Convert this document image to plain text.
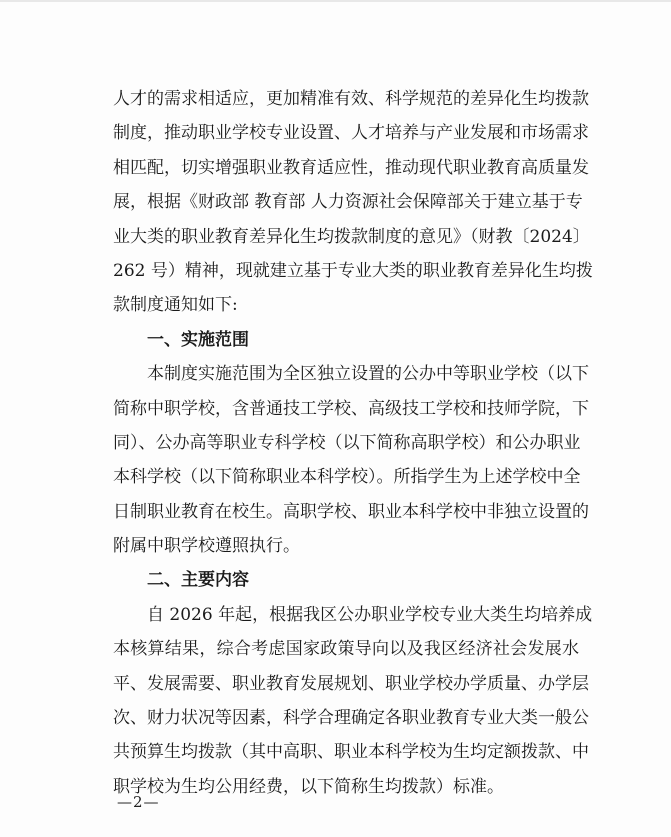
人才的需求相适应，更加精准有效、科学规范的差异化生均拨款
制度，推动职业学校专业设置、人才培养与产业发展和市场需求
相匹配，切实增强职业教育适应性，推动现代职业教育高质量发
展，根据《财政部 教育部 人力资源社会保障部关于建立基于专
业大类的职业教育差异化生均拨款制度的意见》（财教〔2024〕
262 号）精神，现就建立基于专业大类的职业教育差异化生均拨
款制度通知如下:
一、实施范围
本制度实施范围为全区独立设置的公办中等职业学校（以下
简称中职学校，含普通技工学校、高级技工学校和技师学院，下
同）、公办高等职业专科学校（以下简称高职学校）和公办职业
本科学校（以下简称职业本科学校）。所指学生为上述学校中全
日制职业教育在校生。高职学校、职业本科学校中非独立设置的
附属中职学校遵照执行。
二、主要内容
自 2026 年起，根据我区公办职业学校专业大类生均培养成
本核算结果，综合考虑国家政策导向以及我区经济社会发展水
平、发展需要、职业教育发展规划、职业学校办学质量、办学层
次、财力状况等因素，科学合理确定各职业教育专业大类一般公
共预算生均拨款（其中高职、职业本科学校为生均定额拨款、中
职学校为生均公用经费，以下简称生均拨款）标准。
—2—
